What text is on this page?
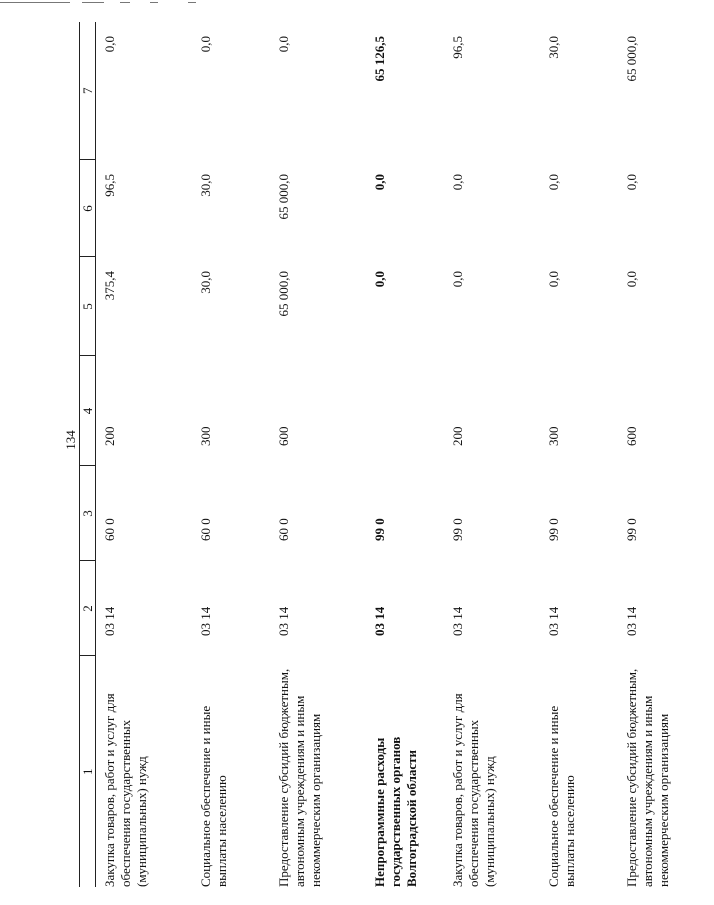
134
1	2	3	4	5	6	7
Закупка товаров, работ и услуг для обеспечения государственных (муниципальных) нужд	03 14	60 0	200	375,4	96,5	0,0
Социальное обеспечение и иные выплаты населению	03 14	60 0	300	30,0	30,0	0,0
Предоставление субсидий бюджетным, автономным учреждениям и иным некоммерческим организациям	03 14	60 0	600	65 000,0	65 000,0	0,0
Непрограммные расходы государственных органов Волгоградской области	03 14	99 0		0,0	0,0	65 126,5
Закупка товаров, работ и услуг для обеспечения государственных (муниципальных) нужд	03 14	99 0	200	0,0	0,0	96,5
Социальное обеспечение и иные выплаты населению	03 14	99 0	300	0,0	0,0	30,0
Предоставление субсидий бюджетным, автономным учреждениям и иным некоммерческим организациям	03 14	99 0	600	0,0	0,0	65 000,0
